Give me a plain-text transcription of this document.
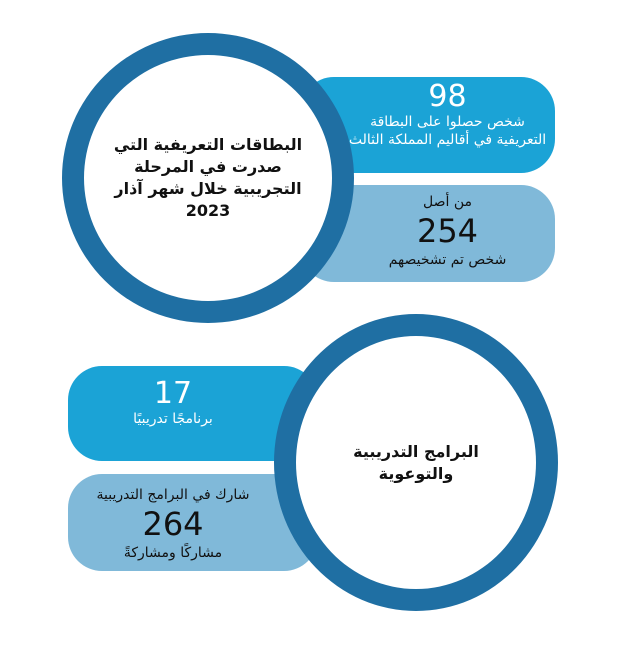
98
شخص حصلوا على البطاقة التعريفية في أقاليم المملكة الثالث
من أصل
254
شخص تم تشخيصهم
البطاقات التعريفية التي صدرت في المرحلة التجريبية خلال شهر آذار 2023
17
برنامجًا تدريبيًا
شارك في البرامج التدريبية
264
مشاركًا ومشاركةً
البرامج التدريبية والتوعوية
